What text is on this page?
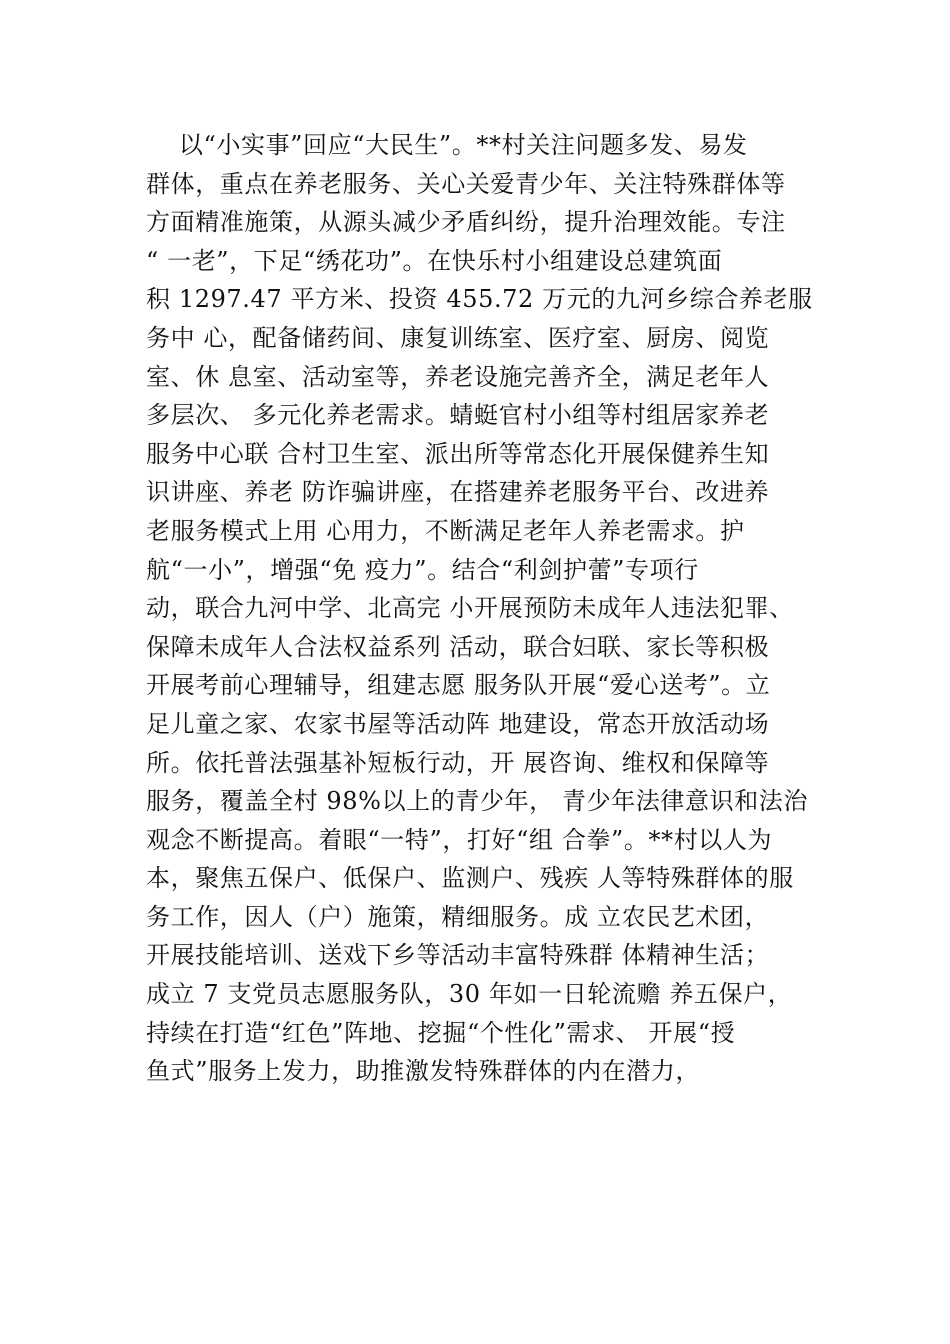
以“小实事”回应“大民生”。**村关注问题多发、易发
群体，重点在养老服务、关心关爱青少年、关注特殊群体等
方面精准施策，从源头减少矛盾纠纷，提升治理效能。专注
“ 一老”，下足“绣花功”。在快乐村小组建设总建筑面
积 1297.47 平方米、投资 455.72 万元的九河乡综合养老服
务中 心，配备储药间、康复训练室、医疗室、厨房、阅览
室、休 息室、活动室等，养老设施完善齐全，满足老年人
多层次、 多元化养老需求。蜻蜓官村小组等村组居家养老
服务中心联 合村卫生室、派出所等常态化开展保健养生知
识讲座、养老 防诈骗讲座，在搭建养老服务平台、改进养
老服务模式上用 心用力，不断满足老年人养老需求。护
航“一小”，增强“免 疫力”。结合“利剑护蕾”专项行
动，联合九河中学、北高完 小开展预防未成年人违法犯罪、
保障未成年人合法权益系列 活动，联合妇联、家长等积极
开展考前心理辅导，组建志愿 服务队开展“爱心送考”。立
足儿童之家、农家书屋等活动阵 地建设，常态开放活动场
所。依托普法强基补短板行动，开 展咨询、维权和保障等
服务，覆盖全村 98%以上的青少年， 青少年法律意识和法治
观念不断提高。着眼“一特”，打好“组 合拳”。**村以人为
本，聚焦五保户、低保户、监测户、残疾 人等特殊群体的服
务工作，因人（户）施策，精细服务。成 立农民艺术团，
开展技能培训、送戏下乡等活动丰富特殊群 体精神生活；
成立 7 支党员志愿服务队，30 年如一日轮流赡 养五保户，
持续在打造“红色”阵地、挖掘“个性化”需求、 开展“授
鱼式”服务上发力，助推激发特殊群体的内在潜力，
